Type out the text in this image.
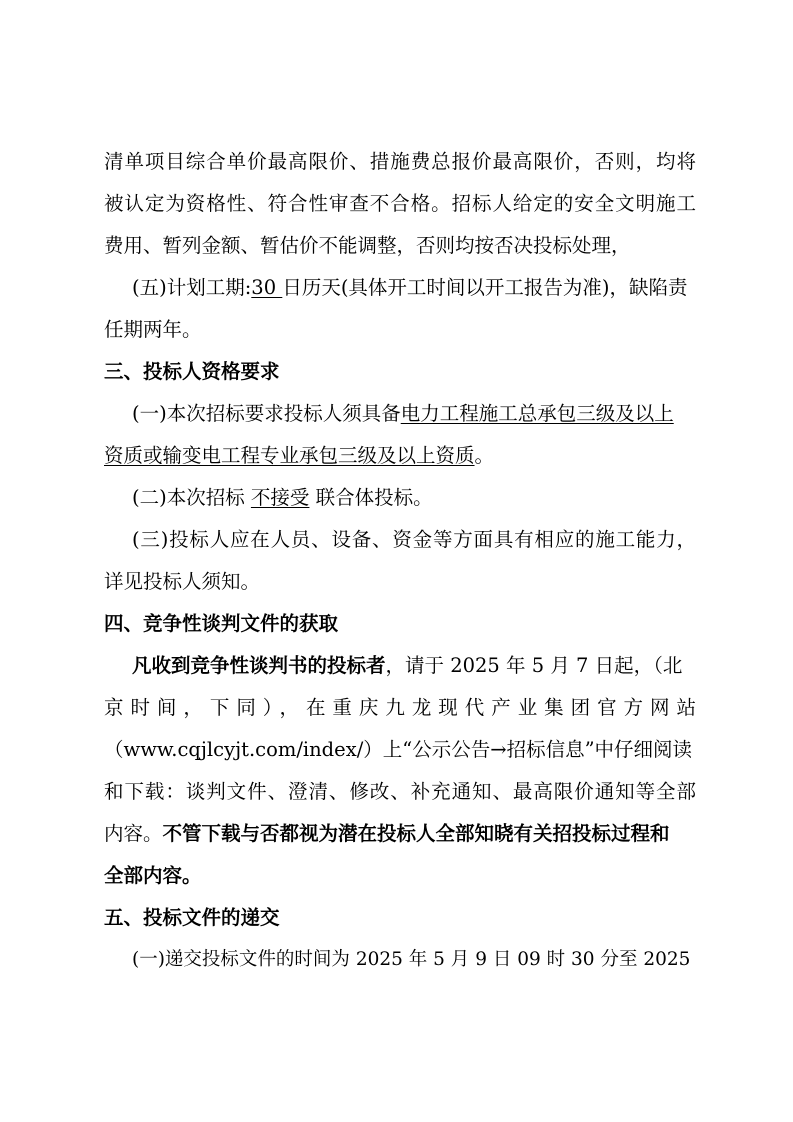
清单项目综合单价最高限价、措施费总报价最高限价，否则，均将
被认定为资格性、符合性审查不合格。招标人给定的安全文明施工
费用、暂列金额、暂估价不能调整，否则均按否决投标处理，
(五)计划工期:30 日历天(具体开工时间以开工报告为准)，缺陷责
任期两年。
三、投标人资格要求
(一)本次招标要求投标人须具备电力工程施工总承包三级及以上
资质或输变电工程专业承包三级及以上资质。
(二)本次招标 不接受 联合体投标。
(三)投标人应在人员、设备、资金等方面具有相应的施工能力，
详见投标人须知。
四、竞争性谈判文件的获取
凡收到竞争性谈判书的投标者，请于 2025 年 5 月 7 日起，（北
京时间，下同），在重庆九龙现代产业集团官方网站
（www.cqjlcyjt.com/index/）上“公示公告→招标信息”中仔细阅读
和下载：谈判文件、澄清、修改、补充通知、最高限价通知等全部
内容。不管下载与否都视为潜在投标人全部知晓有关招投标过程和
全部内容。
五、投标文件的递交
(一)递交投标文件的时间为 2025 年 5 月 9 日 09 时 30 分至 2025
